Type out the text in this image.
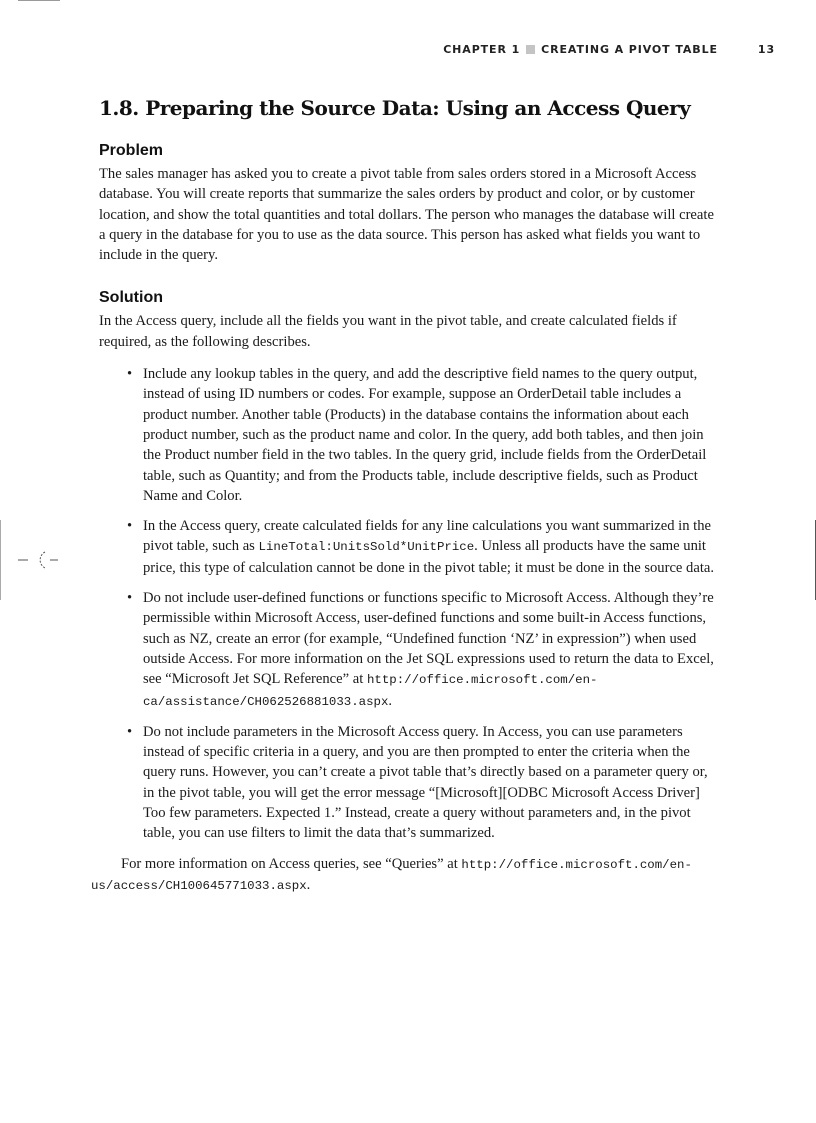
CHAPTER 1 CREATING A PIVOT TABLE	13
1.8. Preparing the Source Data: Using an Access Query
Problem

The sales manager has asked you to create a pivot table from sales orders stored in a Microsoft Access database. You will create reports that summarize the sales orders by product and color, or by customer location, and show the total quantities and total dollars. The person who manages the database will create a query in the database for you to use as the data source. This person has asked what fields you want to include in the query.

Solution

In the Access query, include all the fields you want in the pivot table, and create calculated fields if required, as the following describes.

• Include any lookup tables in the query, and add the descriptive field names to the query output, instead of using ID numbers or codes. For example, suppose an OrderDetail table includes a product number. Another table (Products) in the database contains the information about each product number, such as the product name and color. In the query, add both tables, and then join the Product number field in the two tables. In the query grid, include fields from the OrderDetail table, such as Quantity; and from the Products table, include descriptive fields, such as Product Name and Color.
• In the Access query, create calculated fields for any line calculations you want summarized in the pivot table, such as LineTotal:UnitsSold*UnitPrice. Unless all products have the same unit price, this type of calculation cannot be done in the pivot table; it must be done in the source data.
• Do not include user-defined functions or functions specific to Microsoft Access. Although they’re permissible within Microsoft Access, user-defined functions and some built-in Access functions, such as NZ, create an error (for example, “Undefined function ‘NZ’ in expression”) when used outside Access. For more information on the Jet SQL expressions used to return the data to Excel, see “Microsoft Jet SQL Reference” at http://office.microsoft.com/en-ca/assistance/CH062526881033.aspx.
• Do not include parameters in the Microsoft Access query. In Access, you can use parameters instead of specific criteria in a query, and you are then prompted to enter the criteria when the query runs. However, you can’t create a pivot table that’s directly based on a parameter query or, in the pivot table, you will get the error message “[Microsoft][ODBC Microsoft Access Driver] Too few parameters. Expected 1.” Instead, create a query without parameters and, in the pivot table, you can use filters to limit the data that’s summarized.

For more information on Access queries, see “Queries” at http://office.microsoft.com/en-us/access/CH100645771033.aspx.
